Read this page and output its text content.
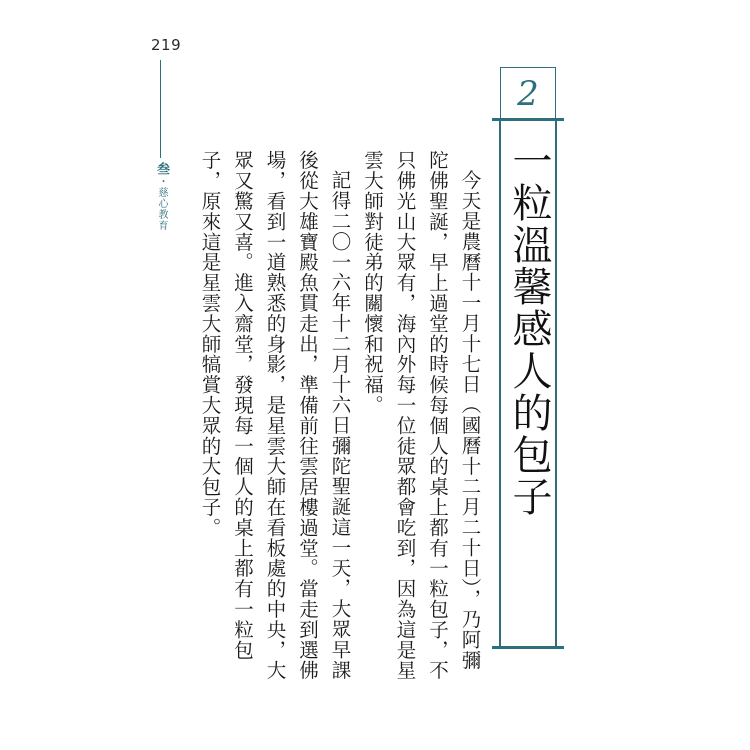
219
叁・慈心教育
2
一粒溫馨感人的包子

今天是農曆十一月十七日（國曆十二月二十日），乃阿彌陀佛聖誕，早上過堂的時候每個人的桌上都有一粒包子，不只佛光山大眾有，海內外每一位徒眾都會吃到，因為這是星雲大師對徒弟的關懷和祝福。

記得二〇一六年十二月十六日彌陀聖誕這一天，大眾早課後從大雄寶殿魚貫走出，準備前往雲居樓過堂。當走到選佛場，看到一道熟悉的身影，是星雲大師在看板處的中央，大眾又驚又喜。進入齋堂，發現每一個人的桌上都有一粒包子，原來這是星雲大師犒賞大眾的大包子。
